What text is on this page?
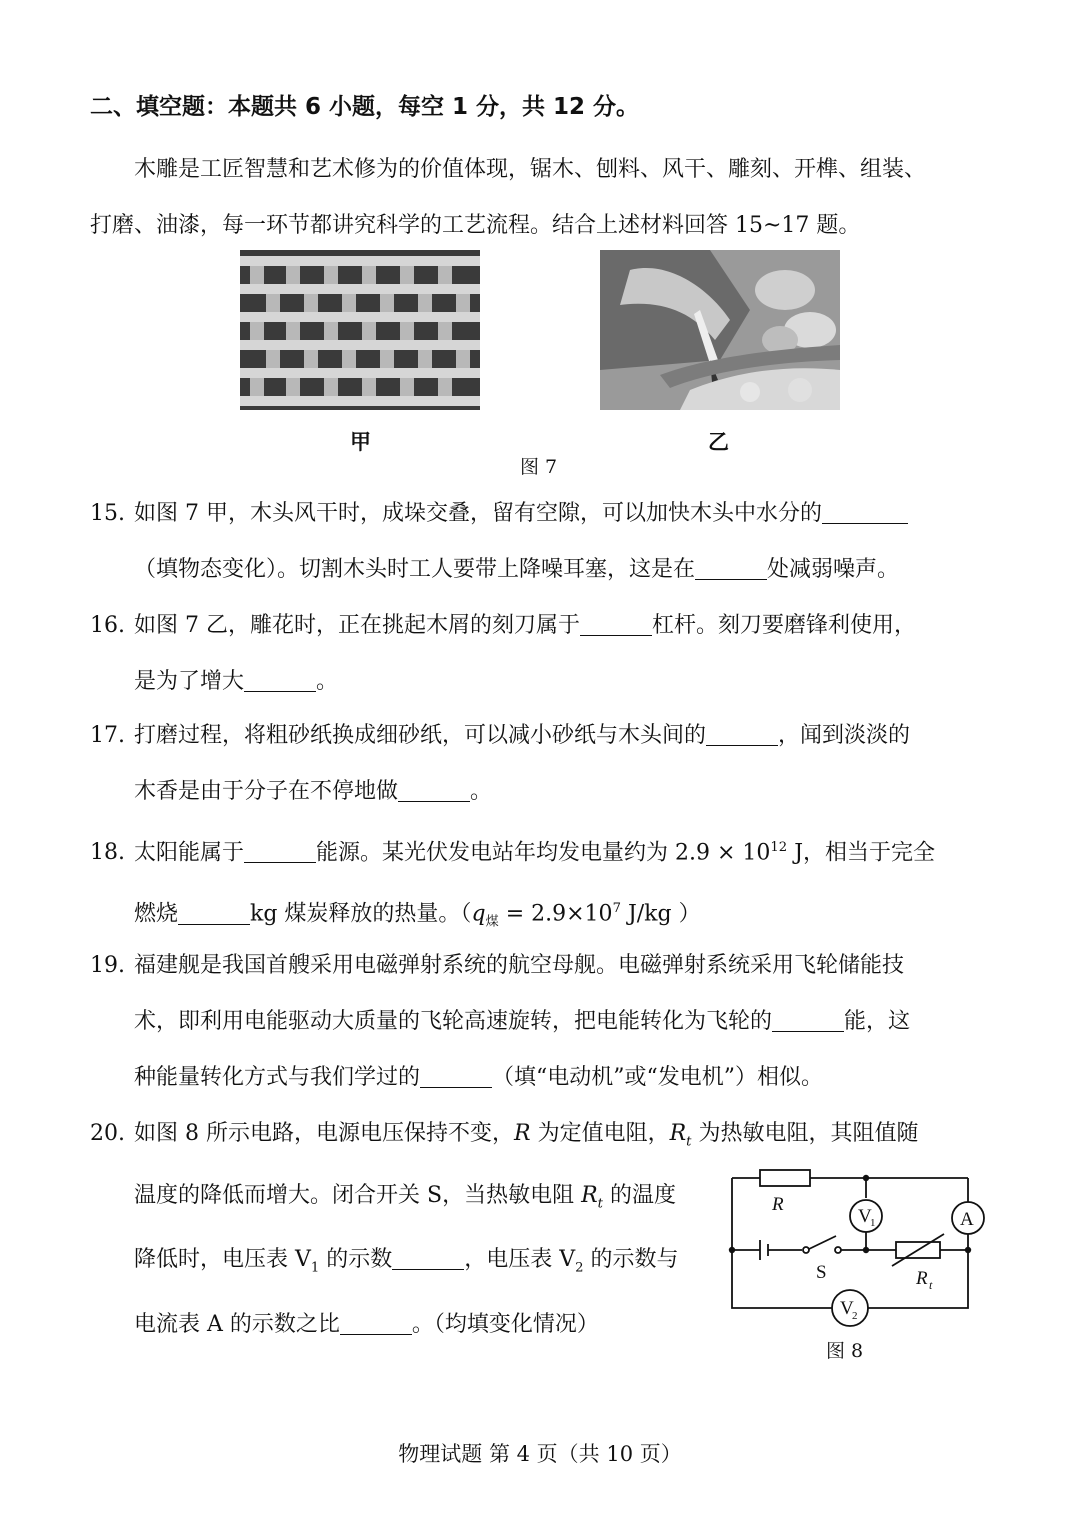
二、填空题：本题共 6 小题，每空 1 分，共 12 分。
木雕是工匠智慧和艺术修为的价值体现，锯木、刨料、风干、雕刻、开榫、组装、
打磨、油漆，每一环节都讲究科学的工艺流程。结合上述材料回答 15~17 题。
甲	乙
图 7
15. 如图 7 甲，木头风干时，成垛交叠，留有空隙，可以加快木头中水分的
（填物态变化）。切割木头时工人要带上降噪耳塞，这是在	处减弱噪声。
16. 如图 7 乙，雕花时，正在挑起木屑的刻刀属于	杠杆。刻刀要磨锋利使用，
是为了增大	。
17. 打磨过程，将粗砂纸换成细砂纸，可以减小砂纸与木头间的	，闻到淡淡的
木香是由于分子在不停地做	。
18. 太阳能属于	能源。某光伏发电站年均发电量约为 $2.9 \times 10^{12}$ J，相当于完全
燃烧	kg 煤炭释放的热量。（$q_煤 = 2.9\times 10^7$ J/kg ）
19. 福建舰是我国首艘采用电磁弹射系统的航空母舰。电磁弹射系统采用飞轮储能技
术，即利用电能驱动大质量的飞轮高速旋转，把电能转化为飞轮的	能，这
种能量转化方式与我们学过的	（填“电动机”或“发电机”）相似。
20. 如图 8 所示电路，电源电压保持不变，R 为定值电阻，$R_t$ 为热敏电阻，其阻值随
温度的降低而增大。闭合开关 S，当热敏电阻 $R_t$ 的温度
降低时，电压表 $V_1$ 的示数	，电压表 $V_2$ 的示数与
电流表 A 的示数之比	。（均填变化情况）
R
V
1	A
S	R t
V
2
图 8
物理试题 第 4 页（共 10 页）
